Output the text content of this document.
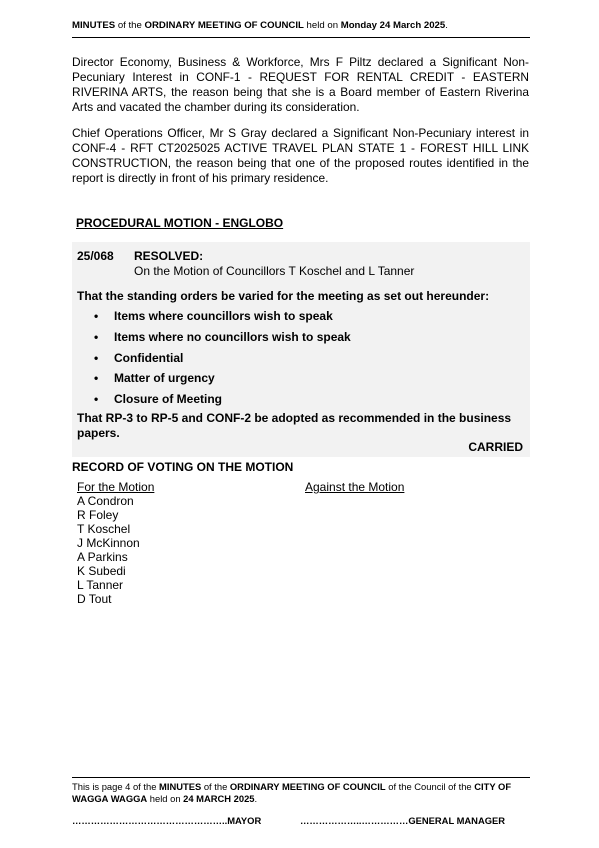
MINUTES of the ORDINARY MEETING OF COUNCIL held on Monday 24 March 2025.
Director Economy, Business & Workforce, Mrs F Piltz declared a Significant Non-Pecuniary Interest in CONF-1 - REQUEST FOR RENTAL CREDIT - EASTERN RIVERINA ARTS, the reason being that she is a Board member of Eastern Riverina Arts and vacated the chamber during its consideration.
Chief Operations Officer, Mr S Gray declared a Significant Non-Pecuniary interest in CONF-4 - RFT CT2025025 ACTIVE TRAVEL PLAN STATE 1 - FOREST HILL LINK CONSTRUCTION, the reason being that one of the proposed routes identified in the report is directly in front of his primary residence.
PROCEDURAL MOTION - ENGLOBO
25/068 RESOLVED:
On the Motion of Councillors T Koschel and L Tanner
That the standing orders be varied for the meeting as set out hereunder:
• Items where councillors wish to speak
• Items where no councillors wish to speak
• Confidential
• Matter of urgency
• Closure of Meeting
That RP-3 to RP-5 and CONF-2 be adopted as recommended in the business papers.
CARRIED
RECORD OF VOTING ON THE MOTION
For the Motion
A Condron
R Foley
T Koschel
J McKinnon
A Parkins
K Subedi
L Tanner
D Tout
Against the Motion
This is page 4 of the MINUTES of the ORDINARY MEETING OF COUNCIL of the Council of the CITY OF WAGGA WAGGA held on 24 MARCH 2025.
…………………………………………..MAYOR	………………..……………GENERAL MANAGER
